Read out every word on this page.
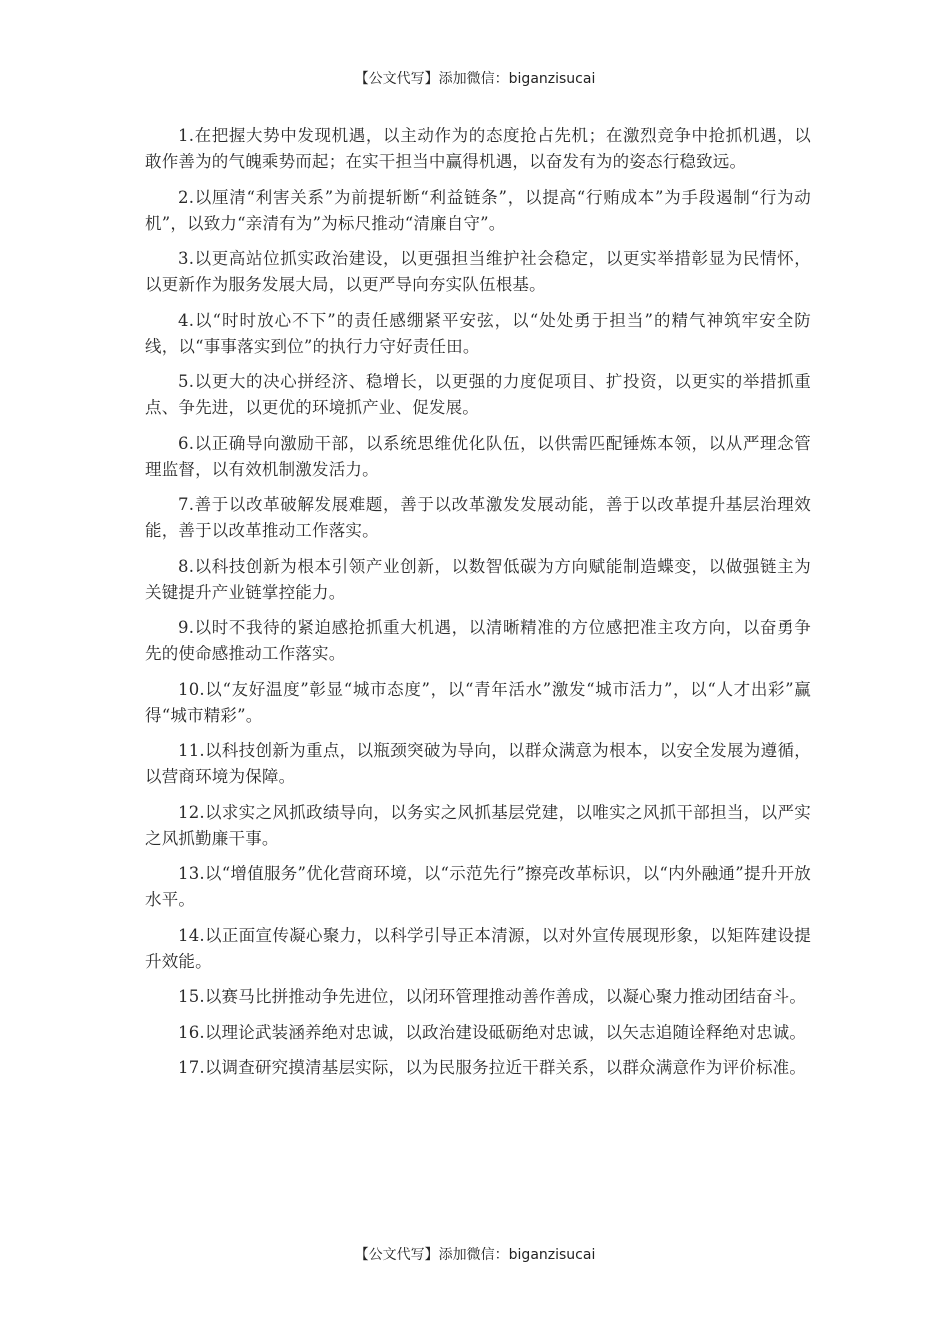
【公文代写】添加微信：biganzisucai

1.在把握大势中发现机遇，以主动作为的态度抢占先机；在激烈竞争中抢抓机遇，以敢作善为的气魄乘势而起；在实干担当中赢得机遇，以奋发有为的姿态行稳致远。

2.以厘清“利害关系”为前提斩断“利益链条”，以提高“行贿成本”为手段遏制“行为动机”，以致力“亲清有为”为标尺推动“清廉自守”。

3.以更高站位抓实政治建设，以更强担当维护社会稳定，以更实举措彰显为民情怀，以更新作为服务发展大局，以更严导向夯实队伍根基。

4.以“时时放心不下”的责任感绷紧平安弦，以“处处勇于担当”的精气神筑牢安全防线，以“事事落实到位”的执行力守好责任田。

5.以更大的决心拼经济、稳增长，以更强的力度促项目、扩投资，以更实的举措抓重点、争先进，以更优的环境抓产业、促发展。

6.以正确导向激励干部，以系统思维优化队伍，以供需匹配锤炼本领，以从严理念管理监督，以有效机制激发活力。

7.善于以改革破解发展难题，善于以改革激发发展动能，善于以改革提升基层治理效能，善于以改革推动工作落实。

8.以科技创新为根本引领产业创新，以数智低碳为方向赋能制造蝶变，以做强链主为关键提升产业链掌控能力。

9.以时不我待的紧迫感抢抓重大机遇，以清晰精准的方位感把准主攻方向，以奋勇争先的使命感推动工作落实。

10.以“友好温度”彰显“城市态度”，以“青年活水”激发“城市活力”，以“人才出彩”赢得“城市精彩”。

11.以科技创新为重点，以瓶颈突破为导向，以群众满意为根本，以安全发展为遵循，以营商环境为保障。

12.以求实之风抓政绩导向，以务实之风抓基层党建，以唯实之风抓干部担当，以严实之风抓勤廉干事。

13.以“增值服务”优化营商环境，以“示范先行”擦亮改革标识，以“内外融通”提升开放水平。

14.以正面宣传凝心聚力，以科学引导正本清源，以对外宣传展现形象，以矩阵建设提升效能。

15.以赛马比拼推动争先进位，以闭环管理推动善作善成，以凝心聚力推动团结奋斗。

16.以理论武装涵养绝对忠诚，以政治建设砥砺绝对忠诚，以矢志追随诠释绝对忠诚。

17.以调查研究摸清基层实际，以为民服务拉近干群关系，以群众满意作为评价标准。

【公文代写】添加微信：biganzisucai
